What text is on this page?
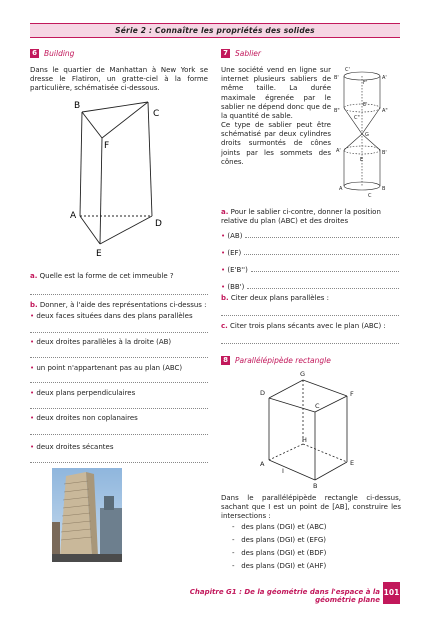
Série 2 : Connaître les propriétés des solides
6 Building
Dans le quartier de Manhattan à New York se dresse le Flatiron, un gratte-ciel à la forme particulière, schématisée ci-dessous.
B
C
F
A
D
E
a. Quelle est la forme de cet immeuble ?
b. Donner, à l'aide des représentations ci-dessus :
• deux faces situées dans des plans parallèles
• deux droites parallèles à la droite (AB)
• un point n'appartenant pas au plan (ABC)
• deux plans perpendiculaires
• deux droites non coplanaires
• deux droites sécantes
7 Sablier
Une société vend en ligne sur internet plusieurs sabliers de même taille. La durée maximale égrenée par le sablier ne dépend donc que de la quantité de sable.
Ce type de sablier peut être schématisé par deux cylindres droits surmontés de cônes joints par les sommets des cônes.
C'
B'	A'
F'
B"
E'
A"
C"
G
A'	B'
E
A	B
C
a. Pour le sablier ci-contre, donner la position relative du plan (ABC) et des droites
•
(AB)
•
(EF)
•
(E'B'')
•
(BB')
b. Citer deux plans parallèles :
c. Citer trois plans sécants avec le plan (ABC) :
8 Parallélépipède rectangle
G
D
C
F
H
A
I
E
B
Dans le parallélépipède rectangle ci-dessus, sachant que I est un point de [AB], construire les intersections :
- des plans (DGI) et (ABC)
- des plans (DGI) et (EFG)
- des plans (DGI) et (BDF)
- des plans (DGI) et (AHF)
Chapitre G1 : De la géométrie dans l'espace à la géométrie plane
101
